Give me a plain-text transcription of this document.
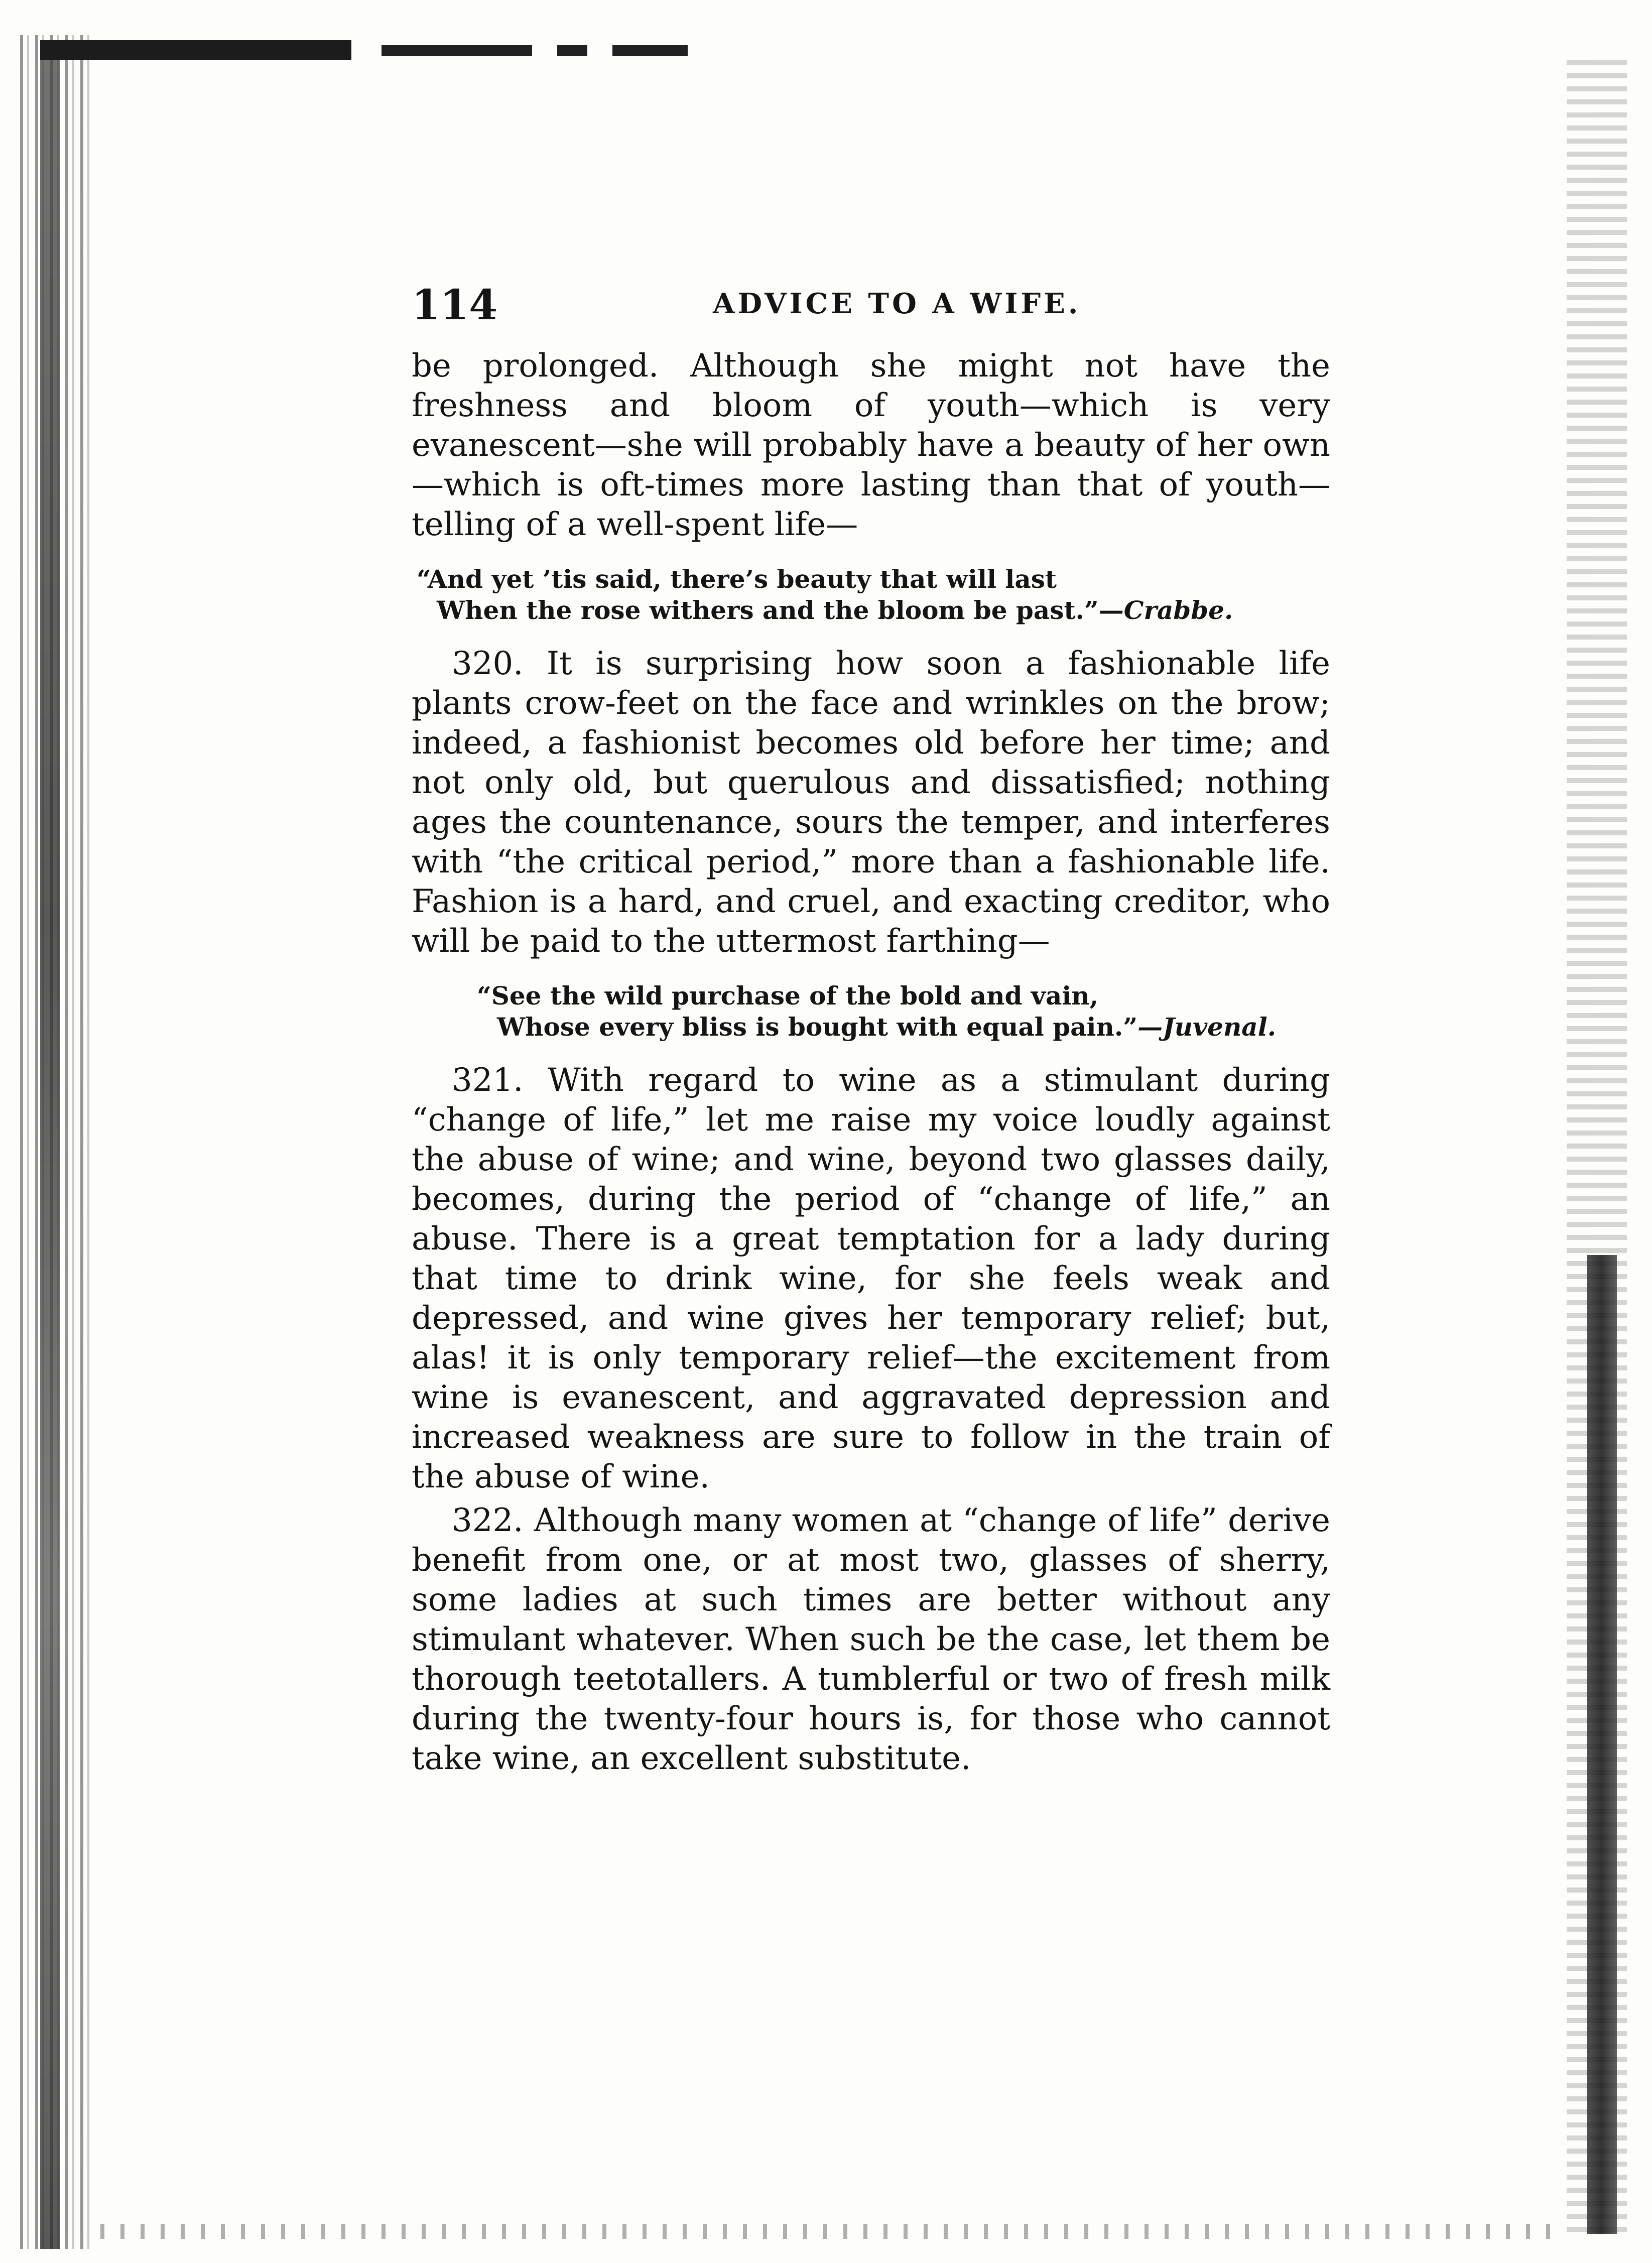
114	ADVICE TO A WIFE.

be prolonged. Although she might not have the freshness and bloom of youth—which is very evanescent—she will probably have a beauty of her own—which is oft-times more lasting than that of youth—telling of a well-spent life—

“And yet ’tis said, there’s beauty that will last
When the rose withers and the bloom be past.”—Crabbe.

320. It is surprising how soon a fashionable life plants crow-feet on the face and wrinkles on the brow; indeed, a fashionist becomes old before her time; and not only old, but querulous and dissatisfied; nothing ages the countenance, sours the temper, and interferes with “the critical period,” more than a fashionable life. Fashion is a hard, and cruel, and exacting creditor, who will be paid to the uttermost farthing—

“See the wild purchase of the bold and vain,
Whose every bliss is bought with equal pain.”—Juvenal.

321. With regard to wine as a stimulant during “change of life,” let me raise my voice loudly against the abuse of wine; and wine, beyond two glasses daily, becomes, during the period of “change of life,” an abuse. There is a great temptation for a lady during that time to drink wine, for she feels weak and depressed, and wine gives her temporary relief; but, alas! it is only temporary relief—the excitement from wine is evanescent, and aggravated depression and increased weakness are sure to follow in the train of the abuse of wine.

322. Although many women at “change of life” derive benefit from one, or at most two, glasses of sherry, some ladies at such times are better without any stimulant whatever. When such be the case, let them be thorough teetotallers. A tumblerful or two of fresh milk during the twenty-four hours is, for those who cannot take wine, an excellent substitute.
